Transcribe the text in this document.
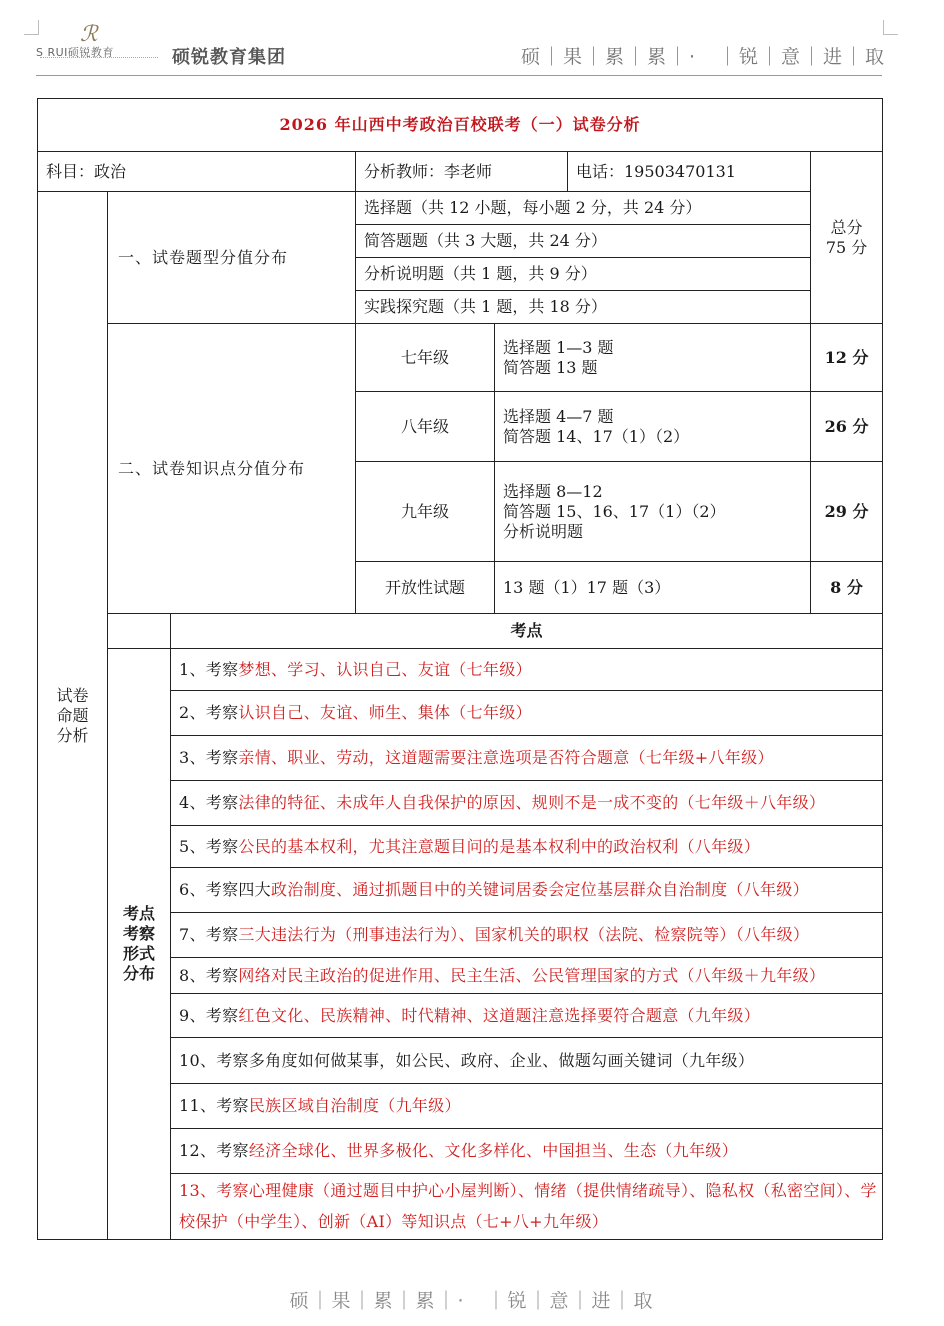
ℛ
S RUI硕锐教育	硕锐教育集团	硕｜果｜累｜累｜·　｜锐｜意｜进｜取
2026 年山西中考政治百校联考（一）试卷分析						
科目：政治			分析教师：李老师		电话：19503470131	总分
75 分

试卷
命题
分析	一、试卷题型分值分布		选择题（共 12 小题，每小题 2 分，共 24 分）			
			简答题题（共 3 大题，共 24 分）			
			分析说明题（共 1 题，共 9 分）			
			实践探究题（共 1 题，共 18 分）			
	二、试卷知识点分值分布		七年级	选择题 1—3 题
简答题 13 题		12 分
			八年级	选择题 4—7 题
简答题 14、17（1）（2）		26 分
			九年级	选择题 8—12
简答题 15、16、17（1）（2）
分析说明题		29 分
			开放性试题	13 题（1）17 题（3）		8 分
		考点				

	考点
考察
形式
分布	1、考察梦想、学习、认识自己、友谊（七年级）				
		2、考察认识自己、友谊、师生、集体（七年级）				
		3、考察亲情、职业、劳动，这道题需要注意选项是否符合题意（七年级+八年级）				
		4、考察法律的特征、未成年人自我保护的原因、规则不是一成不变的（七年级＋八年级）				
		5、考察公民的基本权利，尤其注意题目问的是基本权利中的政治权利（八年级）				
		6、考察四大政治制度、通过抓题目中的关键词居委会定位基层群众自治制度（八年级）				
		7、考察三大违法行为（刑事违法行为）、国家机关的职权（法院、检察院等）（八年级）				
		8、考察网络对民主政治的促进作用、民主生活、公民管理国家的方式（八年级＋九年级）				
		9、考察红色文化、民族精神、时代精神、这道题注意选择要符合题意（九年级）				
		10、考察多角度如何做某事，如公民、政府、企业、做题勾画关键词（九年级）				
		11、考察民族区域自治制度（九年级）				
		12、考察经济全球化、世界多极化、文化多样化、中国担当、生态（九年级）				
		13、考察心理健康（通过题目中护心小屋判断）、情绪（提供情绪疏导）、隐私权（私密空间）、学校保护（中学生）、创新（AI）等知识点（七+八+九年级）				
硕｜果｜累｜累｜·　｜锐｜意｜进｜取
